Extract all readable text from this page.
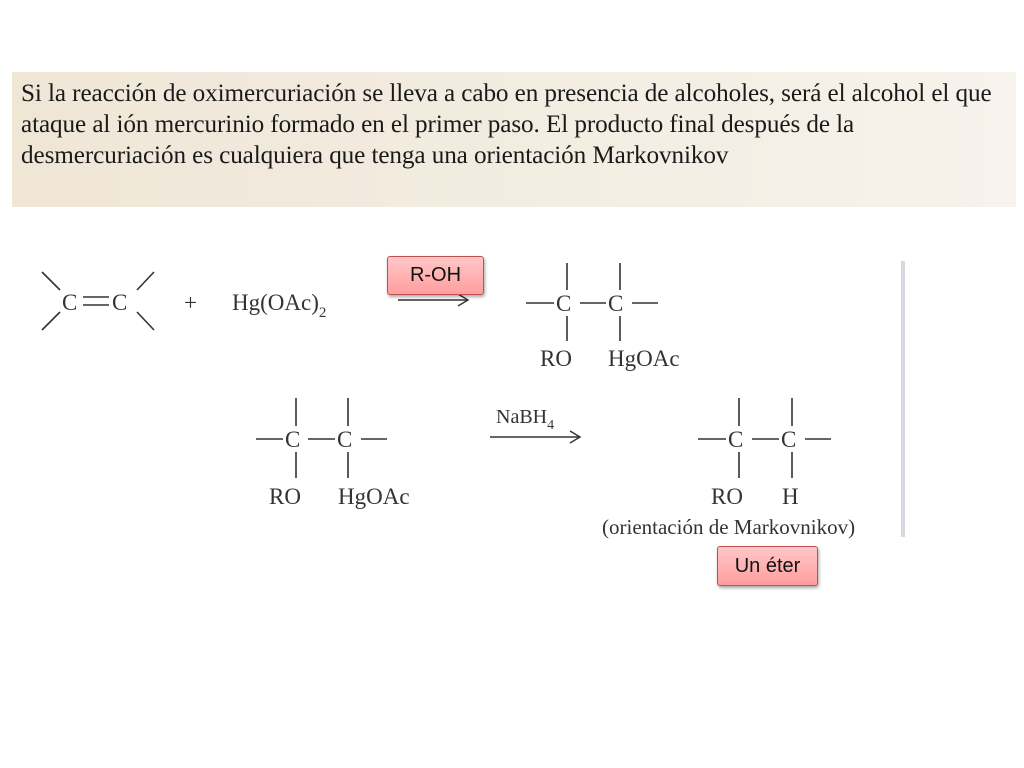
Si la reacción de oximercuriación se lleva a cabo en presencia de alcoholes, será el alcohol el que ataque al ión mercurinio formado en el primer paso. El producto final después de la desmercuriación es cualquiera que tenga una orientación Markovnikov

C $C + Hg(OAc)_2$	C C
RO HgOAc
C C
RO HgOAc
NaBH$_4$
C C
RO H
(orientación de Markovnikov)
R-OH
Un éter
